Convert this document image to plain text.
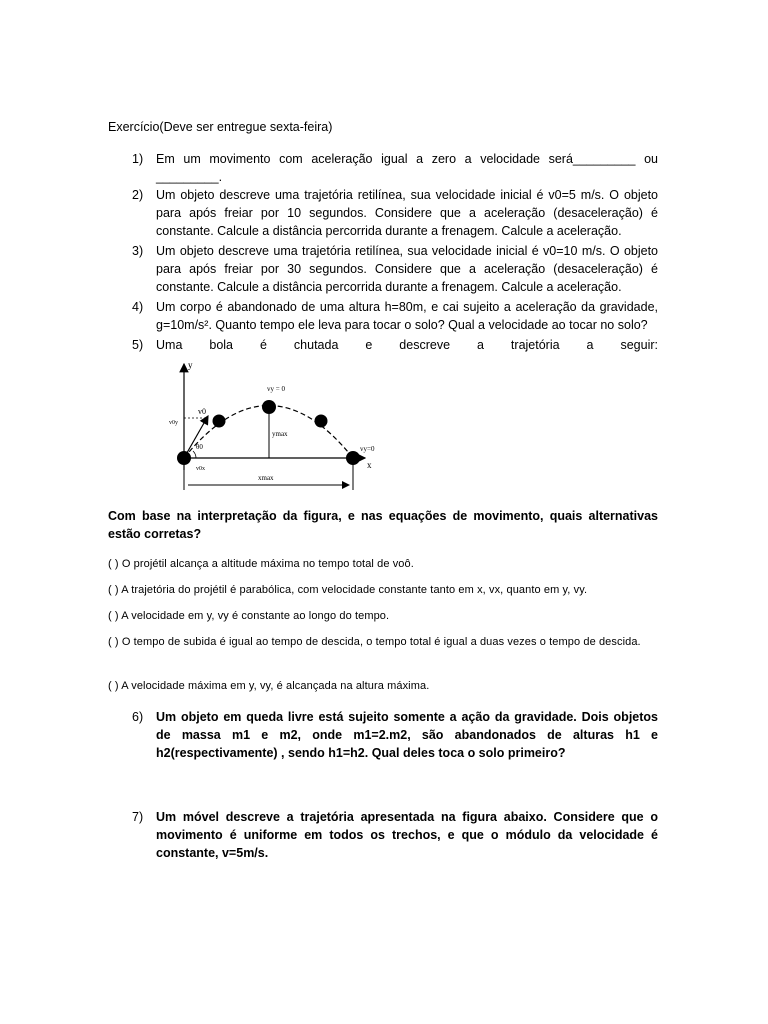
Exercício(Deve ser entregue sexta-feira)
1)	Em um movimento com aceleração igual a zero a velocidade será_________ ou _________.
2)	Um objeto descreve uma trajetória retilínea, sua velocidade inicial é v0=5 m/s. O objeto para após freiar por 10 segundos. Considere que a aceleração (desaceleração) é constante. Calcule a distância percorrida durante a frenagem. Calcule a aceleração.
3)	Um objeto descreve uma trajetória retilínea, sua velocidade inicial é v0=10 m/s. O objeto para após freiar por 30 segundos. Considere que a aceleração (desaceleração) é constante. Calcule a distância percorrida durante a frenagem. Calcule a aceleração.
4)	Um corpo é abandonado de uma altura h=80m, e cai sujeito a aceleração da gravidade, g=10m/s². Quanto tempo ele leva para tocar o solo? Qual a velocidade ao tocar no solo?
5)	Uma bola é chutada e descreve a trajetória a seguir:
y
x
v0
v0y
v0x
θ0
vy = 0
ymax
vy=0
xmax
Com base na interpretação da figura, e nas equações de movimento, quais alternativas estão corretas?
( ) O projétil alcança a altitude máxima no tempo total de voô.
( ) A trajetória do projétil é parabólica, com velocidade constante tanto em x, vx, quanto em y, vy.
( ) A velocidade em y, vy é constante ao longo do tempo.
( ) O tempo de subida é igual ao tempo de descida, o tempo total é igual a duas vezes o tempo de descida.
( ) A velocidade máxima em y, vy, é alcançada na altura máxima.
6)	Um objeto em queda livre está sujeito somente a ação da gravidade. Dois objetos de massa m1 e m2, onde m1=2.m2, são abandonados de alturas h1 e h2(respectivamente) , sendo h1=h2. Qual deles toca o solo primeiro?
7)	Um móvel descreve a trajetória apresentada na figura abaixo. Considere que o movimento é uniforme em todos os trechos, e que o módulo da velocidade é constante, v=5m/s.
